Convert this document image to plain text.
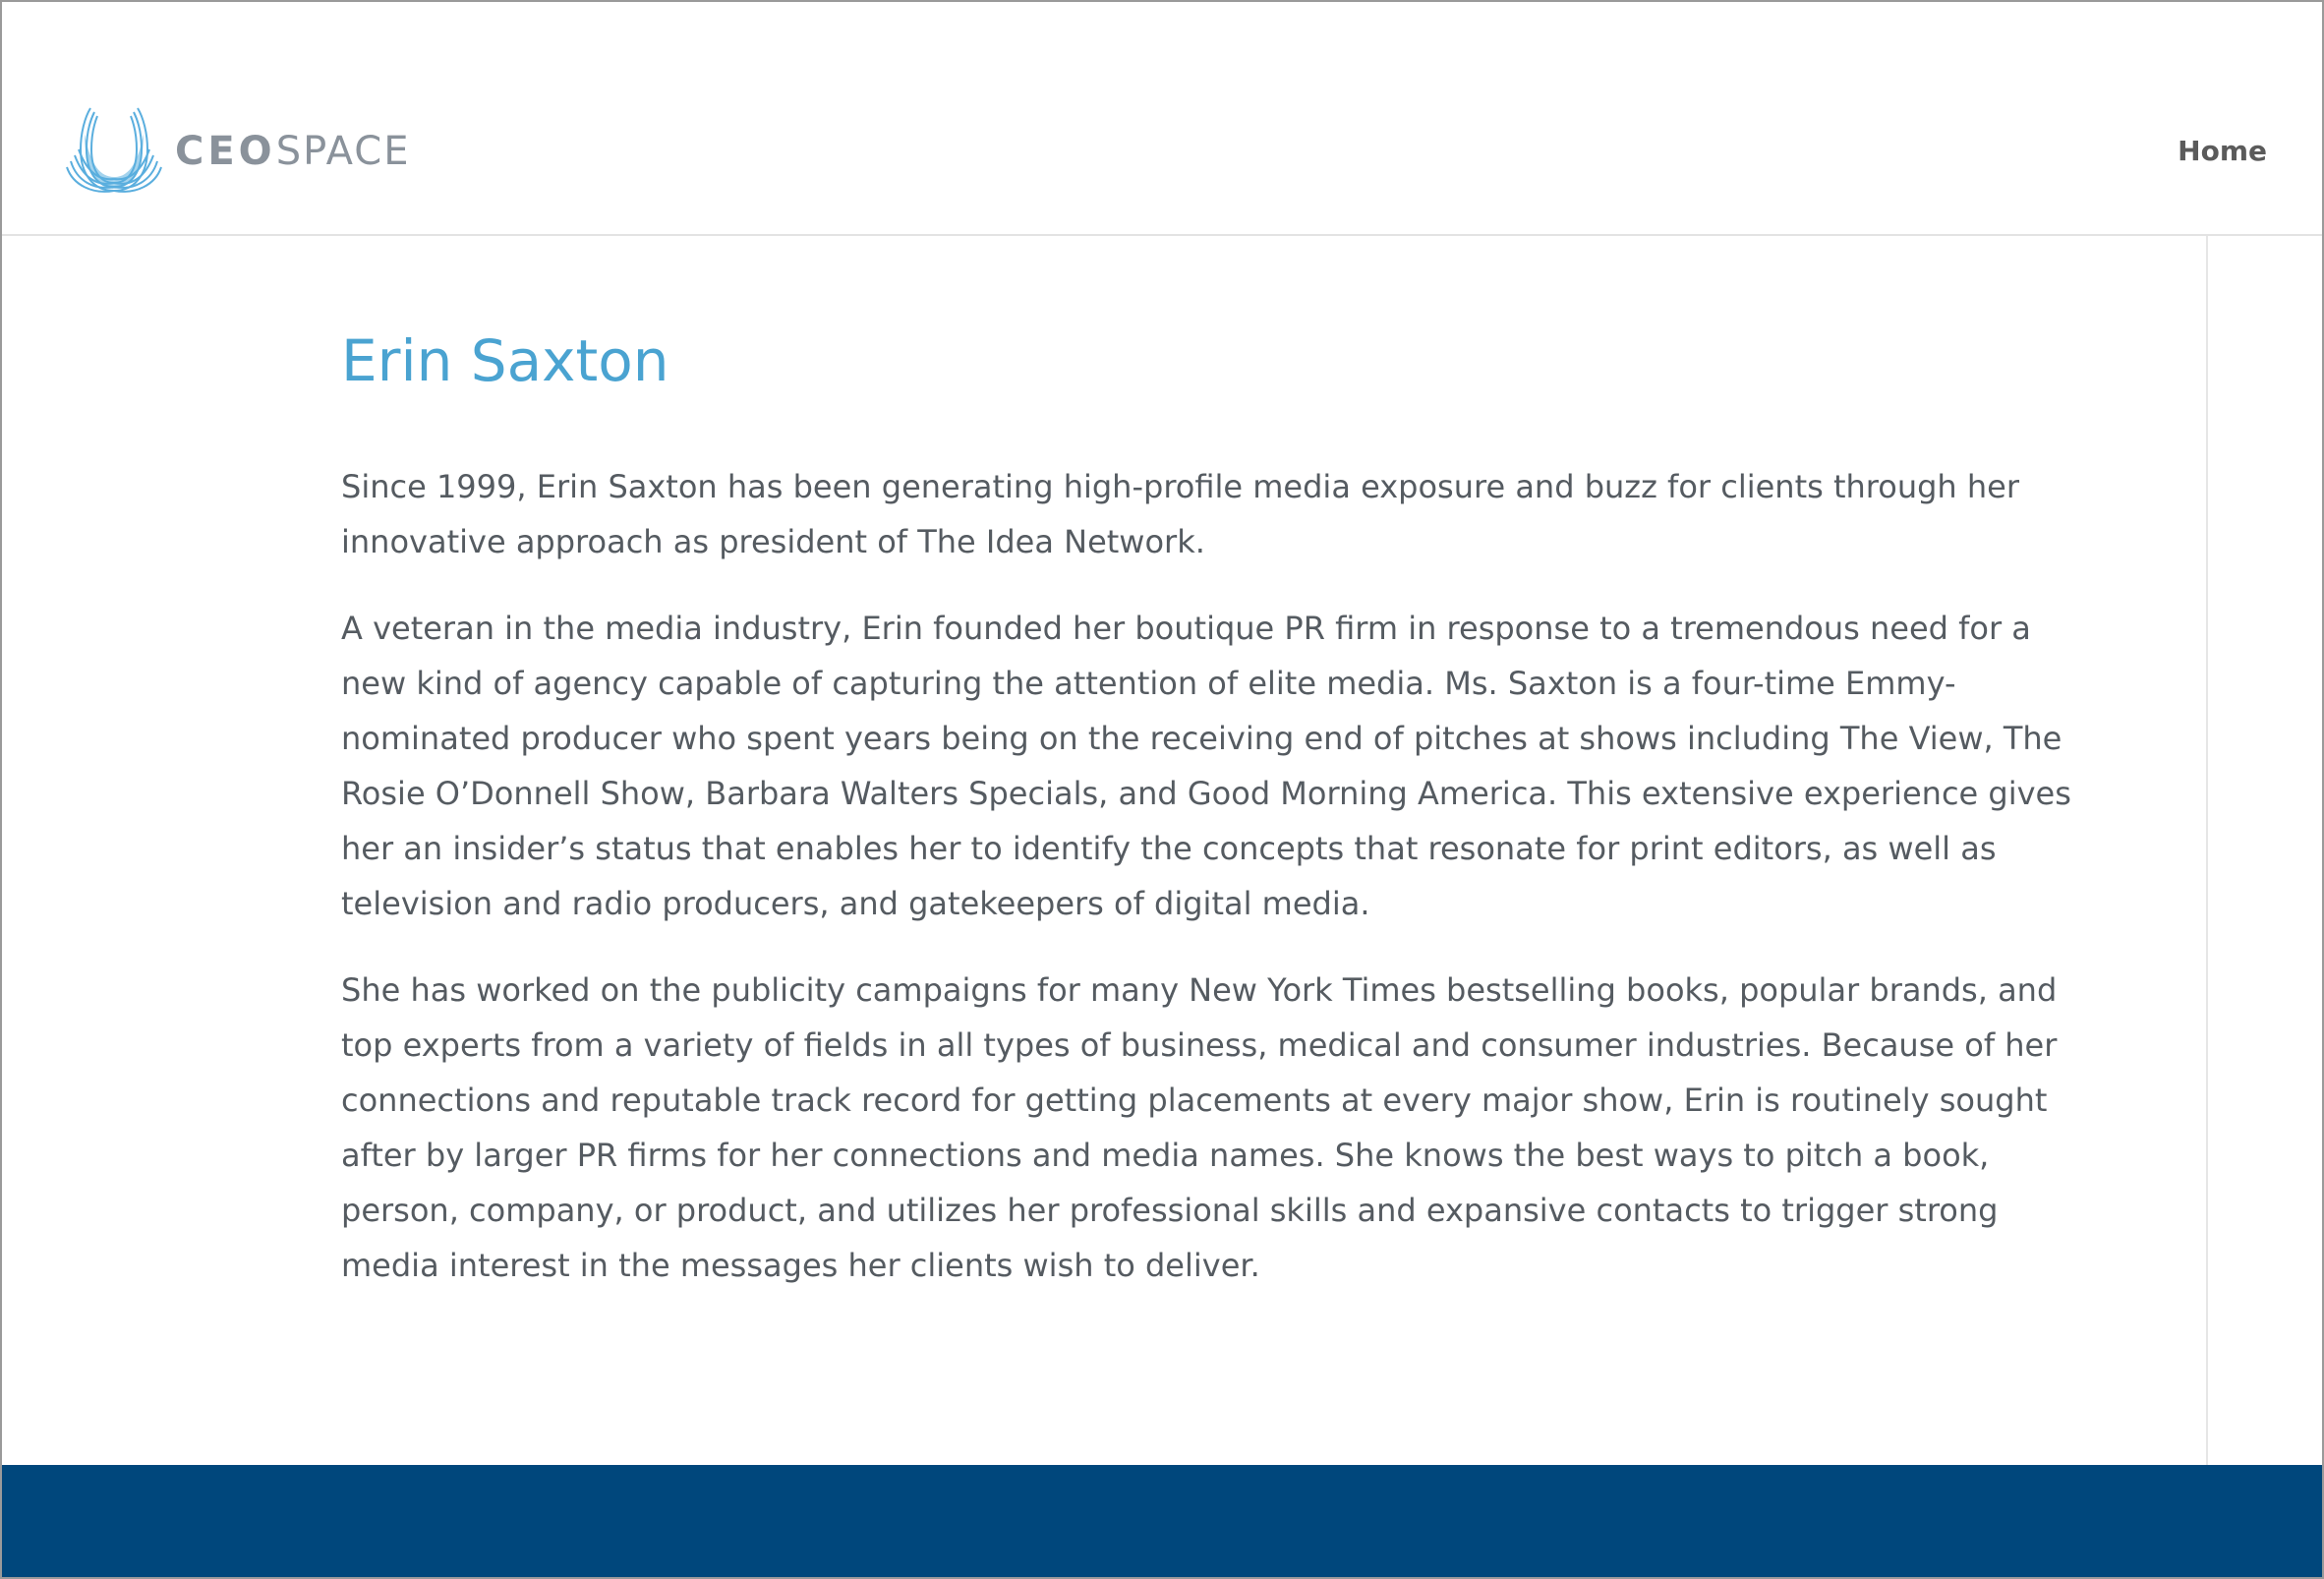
CEOSPACE	Home
Erin Saxton

Since 1999, Erin Saxton has been generating high-profile media exposure and buzz for clients through her innovative approach as president of The Idea Network.

A veteran in the media industry, Erin founded her boutique PR firm in response to a tremendous need for a new kind of agency capable of capturing the attention of elite media. Ms. Saxton is a four-time Emmy-nominated producer who spent years being on the receiving end of pitches at shows including The View, The Rosie O’Donnell Show, Barbara Walters Specials, and Good Morning America. This extensive experience gives her an insider’s status that enables her to identify the concepts that resonate for print editors, as well as television and radio producers, and gatekeepers of digital media.

She has worked on the publicity campaigns for many New York Times bestselling books, popular brands, and top experts from a variety of fields in all types of business, medical and consumer industries. Because of her connections and reputable track record for getting placements at every major show, Erin is routinely sought after by larger PR firms for her connections and media names. She knows the best ways to pitch a book, person, company, or product, and utilizes her professional skills and expansive contacts to trigger strong media interest in the messages her clients wish to deliver.
